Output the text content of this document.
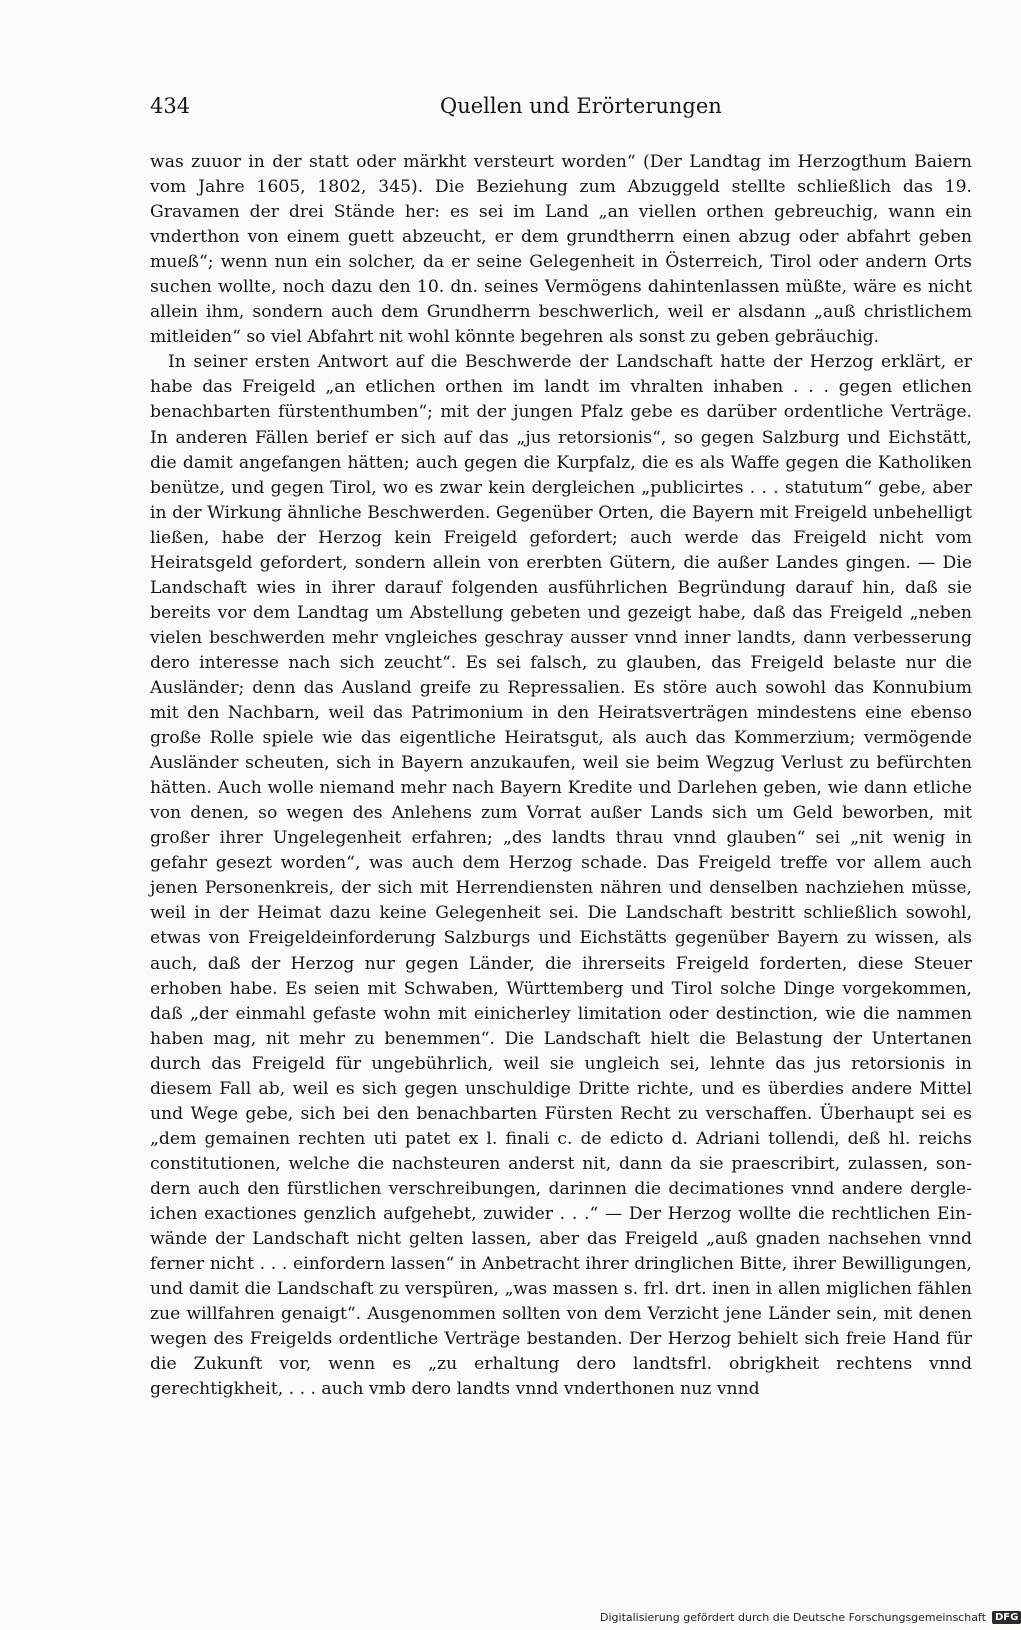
434	Quellen und Erörterungen

was zuuor in der statt oder märkht versteurt worden“ (Der Landtag im Herzogthum Baiern vom Jahre 1605, 1802, 345). Die Beziehung zum Abzuggeld stellte schließlich das 19. Gravamen der drei Stände her: es sei im Land „an viellen orthen gebreuchig, wann ein vnderthon von einem guett abzeucht, er dem grundtherrn einen abzug oder abfahrt geben mueß“; wenn nun ein solcher, da er seine Gelegenheit in Österreich, Tirol oder andern Orts suchen wollte, noch dazu den 10. dn. seines Vermögens dahintenlassen müßte, wäre es nicht allein ihm, sondern auch dem Grundherrn beschwerlich, weil er alsdann „auß christlichem mitleiden“ so viel Abfahrt nit wohl könnte begehren als sonst zu geben gebräuchig.

In seiner ersten Antwort auf die Beschwerde der Landschaft hatte der Herzog erklärt, er habe das Freigeld „an etlichen orthen im landt im vhralten inhaben . . . gegen etlichen benachbarten fürstenthumben“; mit der jungen Pfalz gebe es darüber ordentliche Verträge. In anderen Fällen berief er sich auf das „jus retorsionis“, so gegen Salzburg und Eichstätt, die damit angefangen hätten; auch gegen die Kurpfalz, die es als Waffe gegen die Katholiken benütze, und gegen Tirol, wo es zwar kein dergleichen „publicirtes . . . statutum“ gebe, aber in der Wirkung ähnliche Beschwerden. Gegenüber Orten, die Bayern mit Freigeld unbehelligt ließen, habe der Herzog kein Freigeld gefordert; auch werde das Freigeld nicht vom Heiratsgeld gefordert, sondern allein von ererbten Gütern, die außer Landes gingen. — Die Landschaft wies in ihrer darauf folgenden ausführlichen Begründung darauf hin, daß sie bereits vor dem Landtag um Abstellung gebeten und gezeigt habe, daß das Freigeld „neben vielen beschwerden mehr vngleiches geschray ausser vnnd inner landts, dann verbesserung dero interesse nach sich zeucht“. Es sei falsch, zu glauben, das Freigeld belaste nur die Ausländer; denn das Ausland greife zu Repressalien. Es störe auch sowohl das Konnubium mit den Nachbarn, weil das Patrimonium in den Heiratsverträgen mindestens eine ebenso große Rolle spiele wie das eigentliche Heiratsgut, als auch das Kommerzium; vermögende Ausländer scheuten, sich in Bayern anzukaufen, weil sie beim Wegzug Verlust zu befürchten hätten. Auch wolle niemand mehr nach Bayern Kredite und Darlehen geben, wie dann etliche von denen, so wegen des Anlehens zum Vorrat außer Lands sich um Geld beworben, mit großer ihrer Ungelegenheit erfahren; „des landts thrau vnnd glauben“ sei „nit wenig in gefahr gesezt worden“, was auch dem Herzog schade. Das Freigeld treffe vor allem auch jenen Personenkreis, der sich mit Herrendiensten nähren und denselben nachziehen müsse, weil in der Heimat dazu keine Gelegenheit sei. Die Landschaft bestritt schließlich sowohl, etwas von Freigeldeinforderung Salzburgs und Eichstätts gegenüber Bayern zu wissen, als auch, daß der Herzog nur gegen Länder, die ihrerseits Freigeld forderten, diese Steuer erhoben habe. Es seien mit Schwaben, Württemberg und Tirol solche Dinge vorgekommen, daß „der einmahl gefaste wohn mit einicherley limitation oder destinction, wie die nammen haben mag, nit mehr zu benemmen“. Die Landschaft hielt die Belastung der Untertanen durch das Freigeld für ungebührlich, weil sie ungleich sei, lehnte das jus retorsionis in diesem Fall ab, weil es sich gegen unschuldige Dritte richte, und es überdies andere Mittel und Wege gebe, sich bei den benachbarten Fürsten Recht zu verschaffen. Überhaupt sei es „dem gemainen rechten uti patet ex l. finali c. de edicto d. Adriani tollendi, deß hl. reichs constitutionen, welche die nachsteuren anderst nit, dann da sie praescribirt, zulassen, sondern auch den fürstlichen verschreibungen, darinnen die decimationes vnnd andere dergleichen exactiones genzlich aufgehebt, zuwider . . .“ — Der Herzog wollte die rechtlichen Einwände der Landschaft nicht gelten lassen, aber das Freigeld „auß gnaden nachsehen vnnd ferner nicht . . . einfordern lassen“ in Anbetracht ihrer dringlichen Bitte, ihrer Bewilligungen, und damit die Landschaft zu verspüren, „was massen s. frl. drt. inen in allen miglichen fählen zue willfahren genaigt“. Ausgenommen sollten von dem Verzicht jene Länder sein, mit denen wegen des Freigelds ordentliche Verträge bestanden. Der Herzog behielt sich freie Hand für die Zukunft vor, wenn es „zu erhaltung dero landtsfrl. obrigkheit rechtens vnnd gerechtigkheit, . . . auch vmb dero landts vnnd vnderthonen nuz vnnd

Digitalisierung gefördert durch die Deutsche Forschungsgemeinschaft DFG
